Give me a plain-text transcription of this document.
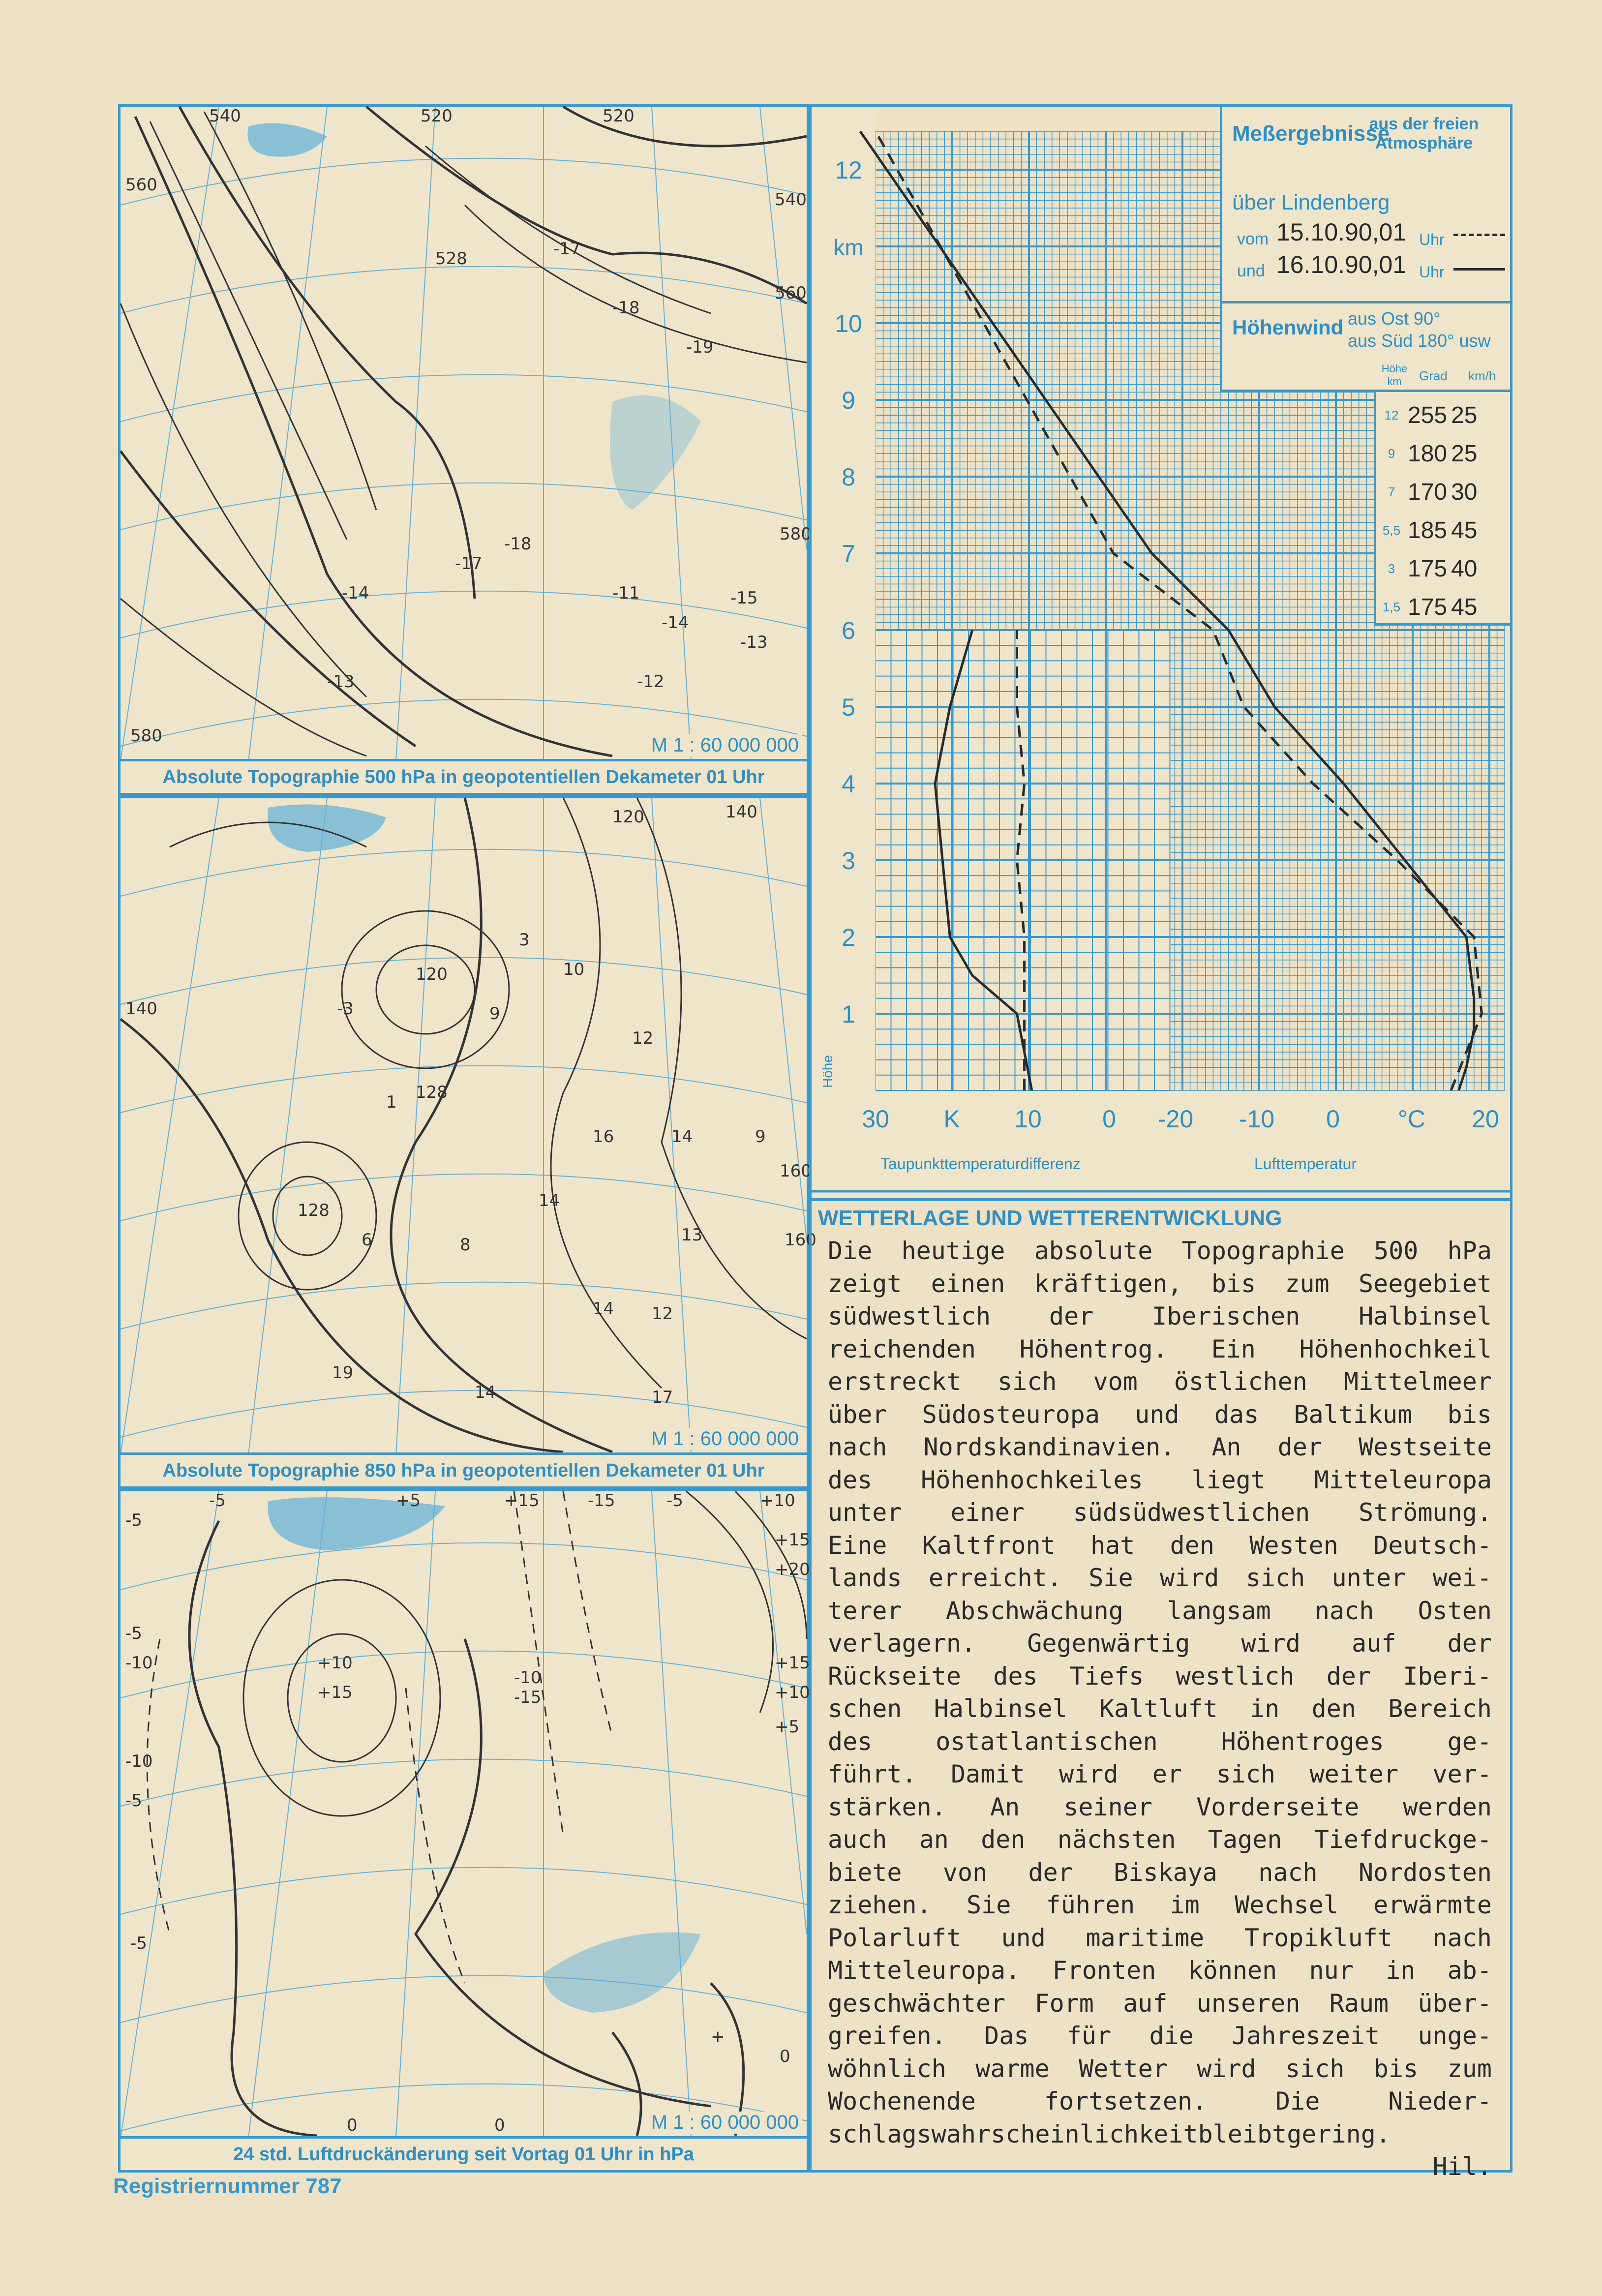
540	520	520
560
540
560
580
580
528	-17
-18
-19
-18
-17
-11
-14
-12
-13
-14
-13
-15
M 1 : 60 000 000
Absolute Topographie 500 hPa in geopotentiellen Dekameter 01 Uhr
140
140
120
120
128
128
160
160
-3
3
9
10
12
14
16
14
9
1
6	8	13
12
14
17
14
19
M 1 : 60 000 000
Absolute Topographie 850 hPa in geopotentiellen Dekameter 01 Uhr
-5	+5	+15	-15	-5	+10
+15
+20
+15
+10
+5
-5
-5
-10
-10
-5
+10
+15
-10
-15
-5
0	0
+
0
M 1 : 60 000 000
24 std. Luftdruckänderung seit Vortag 01 Uhr in hPa
12
10
9
8
7
6
5
4
3
2
1
km
Höhe
30 K 10 0 -20 -10 0 °C 20
Taupunkttemperaturdifferenz	Lufttemperatur
Meßergebnisse
aus der freien Atmosphäre
über Lindenberg
vom 15.10.90,01 Uhr
und 16.10.90,01 Uhr
Höhenwind aus Ost 90°
aus Süd 180° usw
Höhe km	Grad km/h
12	255	25
9	180	25
7	170	30
5,5	185	45
3	175	40
1,5	175	45
WETTERLAGE UND WETTERENTWICKLUNG
Die heutige absolute Topographie 500 hPa
zeigt einen kräftigen, bis zum Seegebiet
südwestlich der Iberischen Halbinsel
reichenden Höhentrog. Ein Höhenhochkeil
erstreckt sich vom östlichen Mittelmeer
über Südosteuropa und das Baltikum bis
nach Nordskandinavien. An der Westseite
des Höhenhochkeiles liegt Mitteleuropa
unter einer südsüdwestlichen Strömung.
Eine Kaltfront hat den Westen Deutsch-
lands erreicht. Sie wird sich unter wei-
terer Abschwächung langsam nach Osten
verlagern. Gegenwärtig wird auf der
Rückseite des Tiefs westlich der Iberi-
schen Halbinsel Kaltluft in den Bereich
des	ostatlantischen	Höhentroges	ge-
führt. Damit wird er sich weiter ver-
stärken. An seiner Vorderseite werden
auch an den nächsten Tagen Tiefdruckge-
biete von der Biskaya nach Nordosten
ziehen. Sie führen im Wechsel erwärmte
Polarluft und maritime Tropikluft nach
Mitteleuropa. Fronten können nur in ab-
geschwächter Form auf unseren Raum über-
greifen. Das für die Jahreszeit unge-
wöhnlich warme Wetter wird sich bis zum
Wochenende	fortsetzen.	Die	Nieder-
schlagswahrscheinlichkeit bleibt gering.
Hil.
Registriernummer 787
